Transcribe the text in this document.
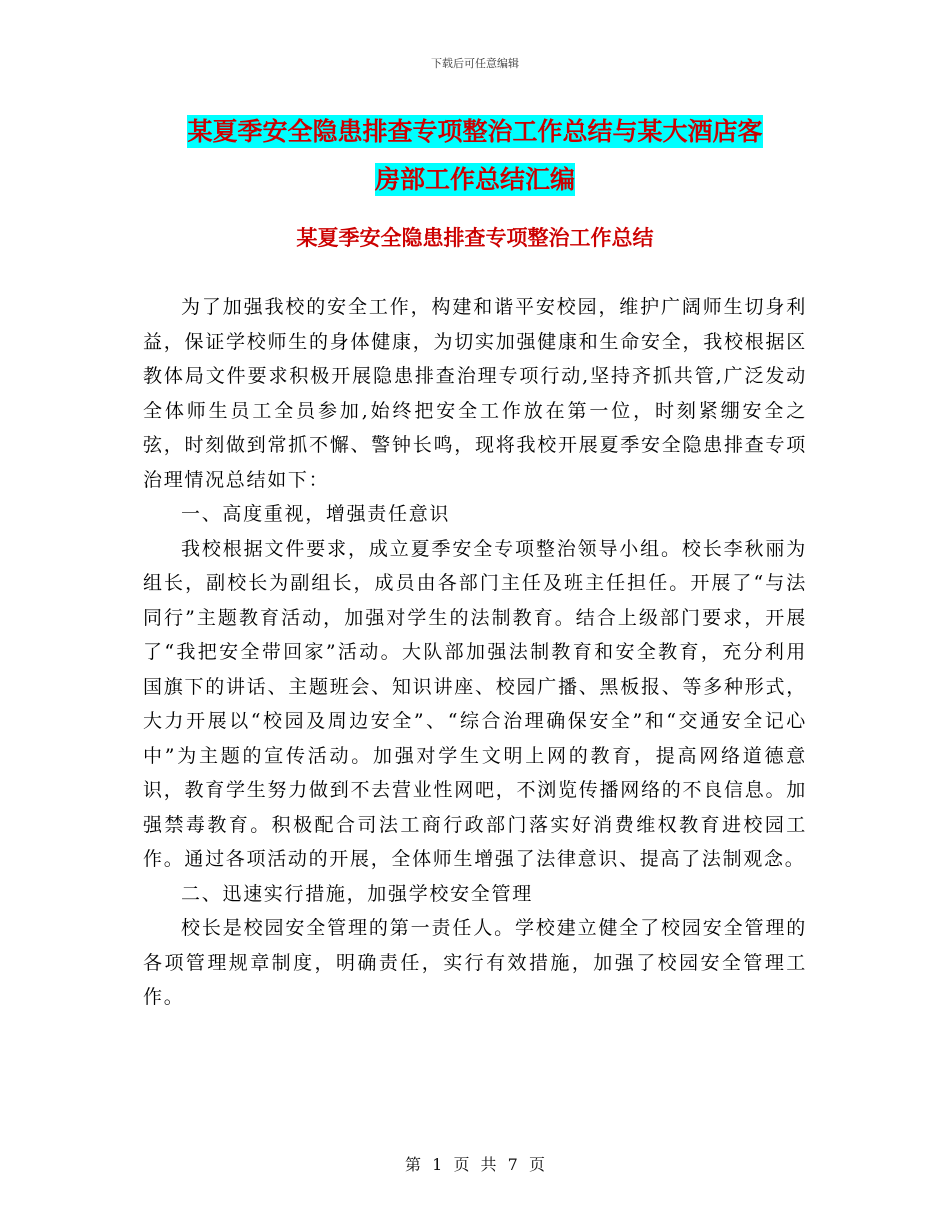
下载后可任意编辑
某夏季安全隐患排查专项整治工作总结与某大酒店客
房部工作总结汇编
某夏季安全隐患排查专项整治工作总结

为了加强我校的安全工作，构建和谐平安校园，维护广阔师生切身利益，保证学校师生的身体健康，为切实加强健康和生命安全，我校根据区教体局文件要求积极开展隐患排查治理专项行动,坚持齐抓共管,广泛发动全体师生员工全员参加,始终把安全工作放在第一位，时刻紧绷安全之弦，时刻做到常抓不懈、警钟长鸣，现将我校开展夏季安全隐患排查专项治理情况总结如下：

一、高度重视，增强责任意识

我校根据文件要求，成立夏季安全专项整治领导小组。校长李秋丽为组长，副校长为副组长，成员由各部门主任及班主任担任。开展了“与法同行”主题教育活动，加强对学生的法制教育。结合上级部门要求，开展了“我把安全带回家”活动。大队部加强法制教育和安全教育，充分利用国旗下的讲话、主题班会、知识讲座、校园广播、黑板报、等多种形式，大力开展以“校园及周边安全”、“综合治理确保安全”和“交通安全记心中”为主题的宣传活动。加强对学生文明上网的教育，提高网络道德意识，教育学生努力做到不去营业性网吧，不浏览传播网络的不良信息。加强禁毒教育。积极配合司法工商行政部门落实好消费维权教育进校园工作。通过各项活动的开展，全体师生增强了法律意识、提高了法制观念。

二、迅速实行措施，加强学校安全管理

校长是校园安全管理的第一责任人。学校建立健全了校园安全管理的各项管理规章制度，明确责任，实行有效措施，加强了校园安全管理工作。

第 1 页 共 7 页
